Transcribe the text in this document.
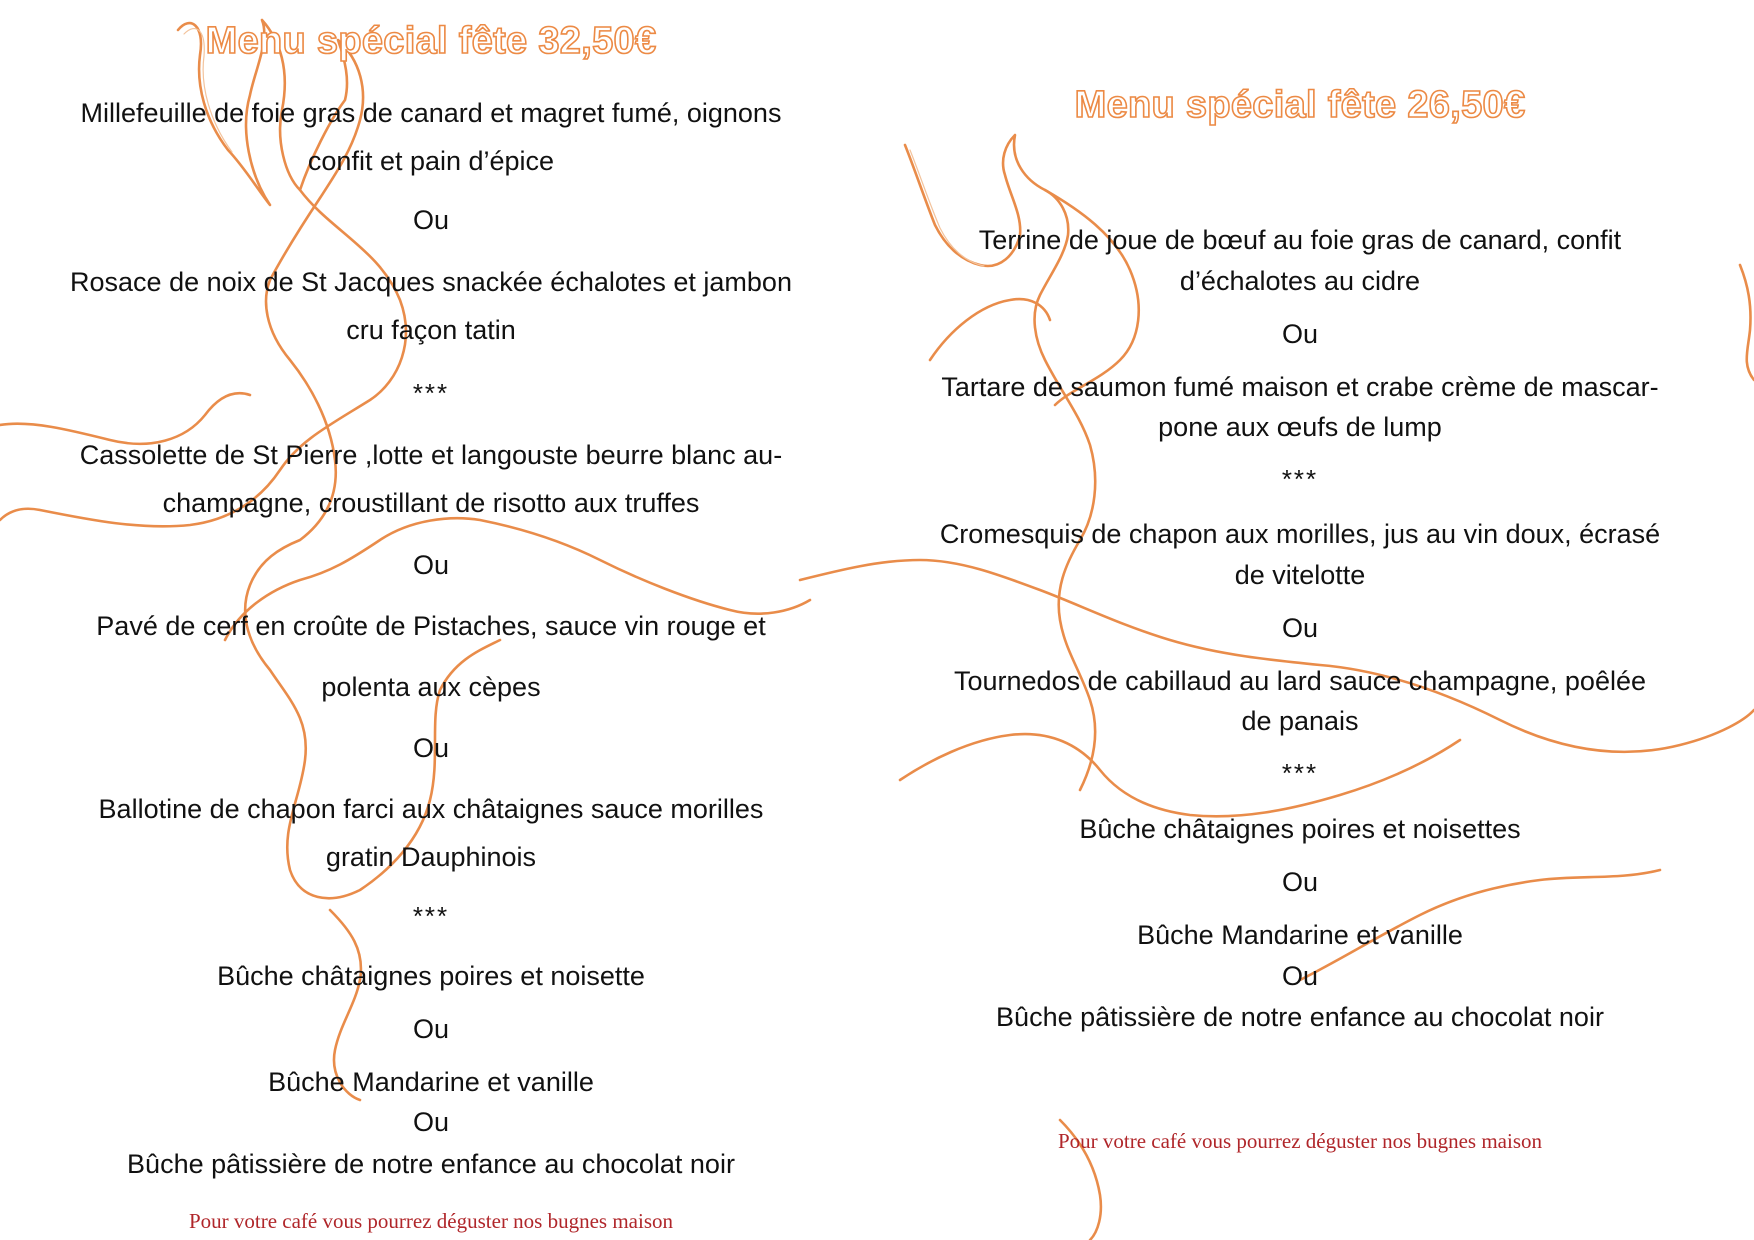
Menu spécial fête 32,50€
Millefeuille de foie gras de canard et magret fumé, oignons
confit et pain d’épice
Ou
Rosace de noix de St Jacques snackée échalotes et jambon
cru façon tatin
***
Cassolette de St Pierre ,lotte et langouste beurre blanc au-
champagne, croustillant de risotto aux truffes
Ou
Pavé de cerf en croûte de Pistaches, sauce vin rouge et
polenta aux cèpes
Ou
Ballotine de chapon farci aux châtaignes sauce morilles
gratin Dauphinois
***
Bûche châtaignes poires et noisette
Ou
Bûche Mandarine et vanille
Ou
Bûche pâtissière de notre enfance au chocolat noir
Pour votre café vous pourrez déguster nos bugnes maison
Menu spécial fête 26,50€
Terrine de joue de bœuf au foie gras de canard, confit
d’échalotes au cidre
Ou
Tartare de saumon fumé maison et crabe crème de mascar-
pone aux œufs de lump
***
Cromesquis de chapon aux morilles, jus au vin doux, écrasé
de vitelotte
Ou
Tournedos de cabillaud au lard sauce champagne, poêlée
de panais
***
Bûche châtaignes poires et noisettes
Ou
Bûche Mandarine et vanille
Ou
Bûche pâtissière de notre enfance au chocolat noir
Pour votre café vous pourrez déguster nos bugnes maison
